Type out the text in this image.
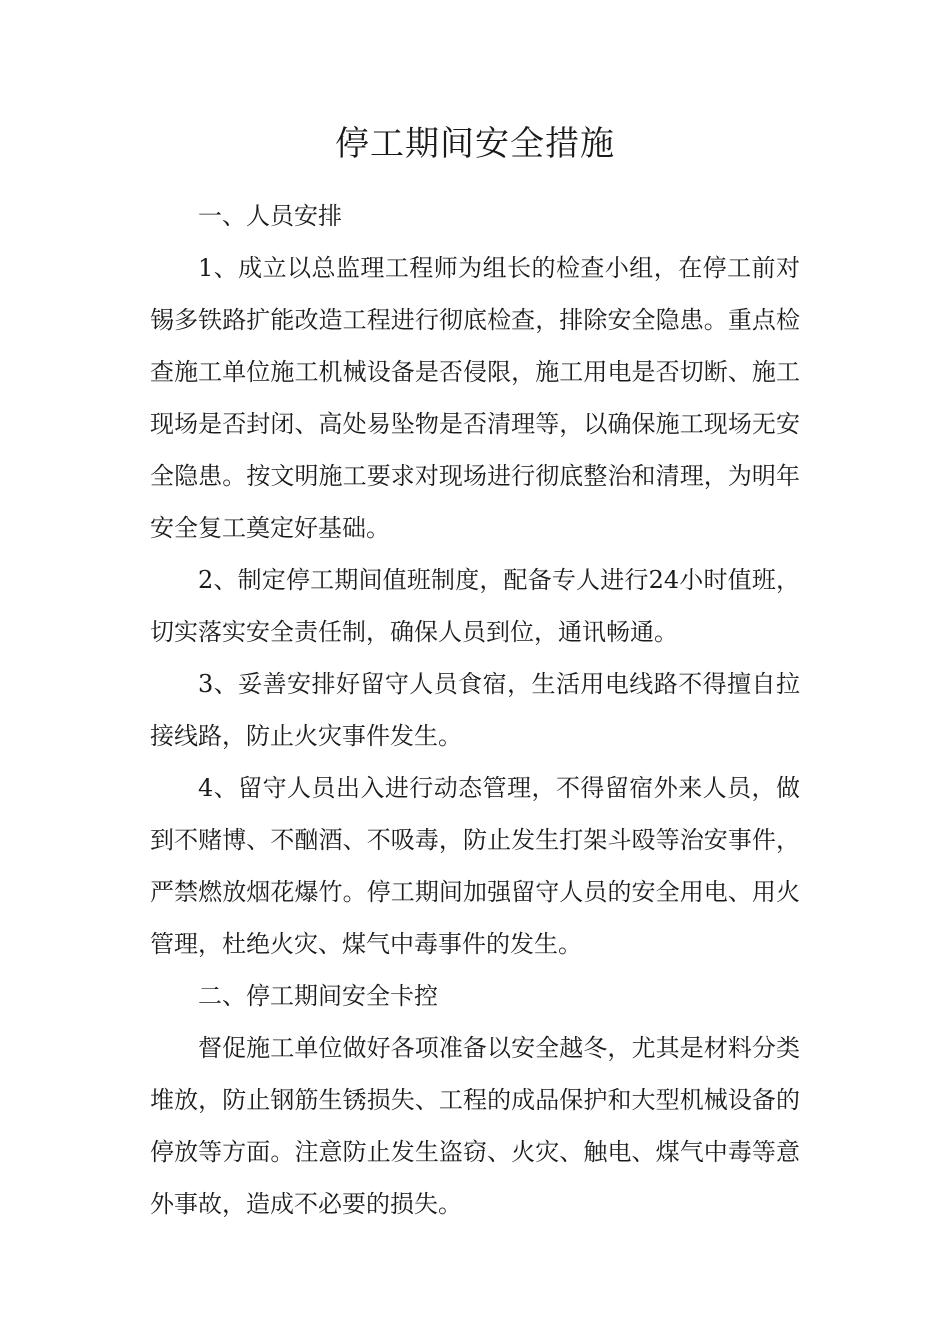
停工期间安全措施

一、人员安排

1、成立以总监理工程师为组长的检查小组，在停工前对锡多铁路扩能改造工程进行彻底检查，排除安全隐患。重点检查施工单位施工机械设备是否侵限，施工用电是否切断、施工现场是否封闭、高处易坠物是否清理等，以确保施工现场无安全隐患。按文明施工要求对现场进行彻底整治和清理，为明年安全复工奠定好基础。

2、制定停工期间值班制度，配备专人进行24小时值班，切实落实安全责任制，确保人员到位，通讯畅通。

3、妥善安排好留守人员食宿，生活用电线路不得擅自拉接线路，防止火灾事件发生。

4、留守人员出入进行动态管理，不得留宿外来人员，做到不赌博、不酗酒、不吸毒，防止发生打架斗殴等治安事件，严禁燃放烟花爆竹。停工期间加强留守人员的安全用电、用火管理，杜绝火灾、煤气中毒事件的发生。

二、停工期间安全卡控

督促施工单位做好各项准备以安全越冬，尤其是材料分类堆放，防止钢筋生锈损失、工程的成品保护和大型机械设备的停放等方面。注意防止发生盗窃、火灾、触电、煤气中毒等意外事故，造成不必要的损失。
